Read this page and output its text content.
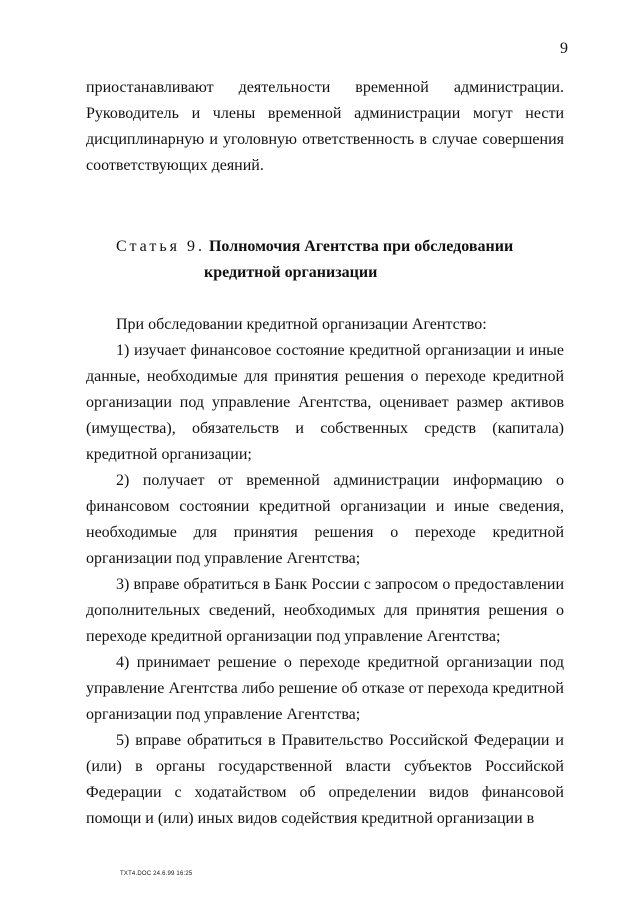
9

приостанавливают деятельности временной администрации. Руководитель и члены временной администрации могут нести дисциплинарную и уголовную ответственность в случае совершения соответствующих деяний.

Статья 9. Полномочия Агентства при обследовании
кредитной организации

При обследовании кредитной организации Агентство:

1) изучает финансовое состояние кредитной организации и иные данные, необходимые для принятия решения о переходе кредитной организации под управление Агентства, оценивает размер активов (имущества), обязательств и собственных средств (капитала) кредитной организации;

2) получает от временной администрации информацию о финансовом состоянии кредитной организации и иные сведения, необходимые для принятия решения о переходе кредитной организации под управление Агентства;

3) вправе обратиться в Банк России с запросом о предоставлении дополнительных сведений, необходимых для принятия решения о переходе кредитной организации под управление Агентства;

4) принимает решение о переходе кредитной организации под управление Агентства либо решение об отказе от перехода кредитной организации под управление Агентства;

5) вправе обратиться в Правительство Российской Федерации и (или) в органы государственной власти субъектов Российской Федерации с ходатайством об определении видов финансовой помощи и (или) иных видов содействия кредитной организации в

TXT4.DOC 24.6.99 16:25
